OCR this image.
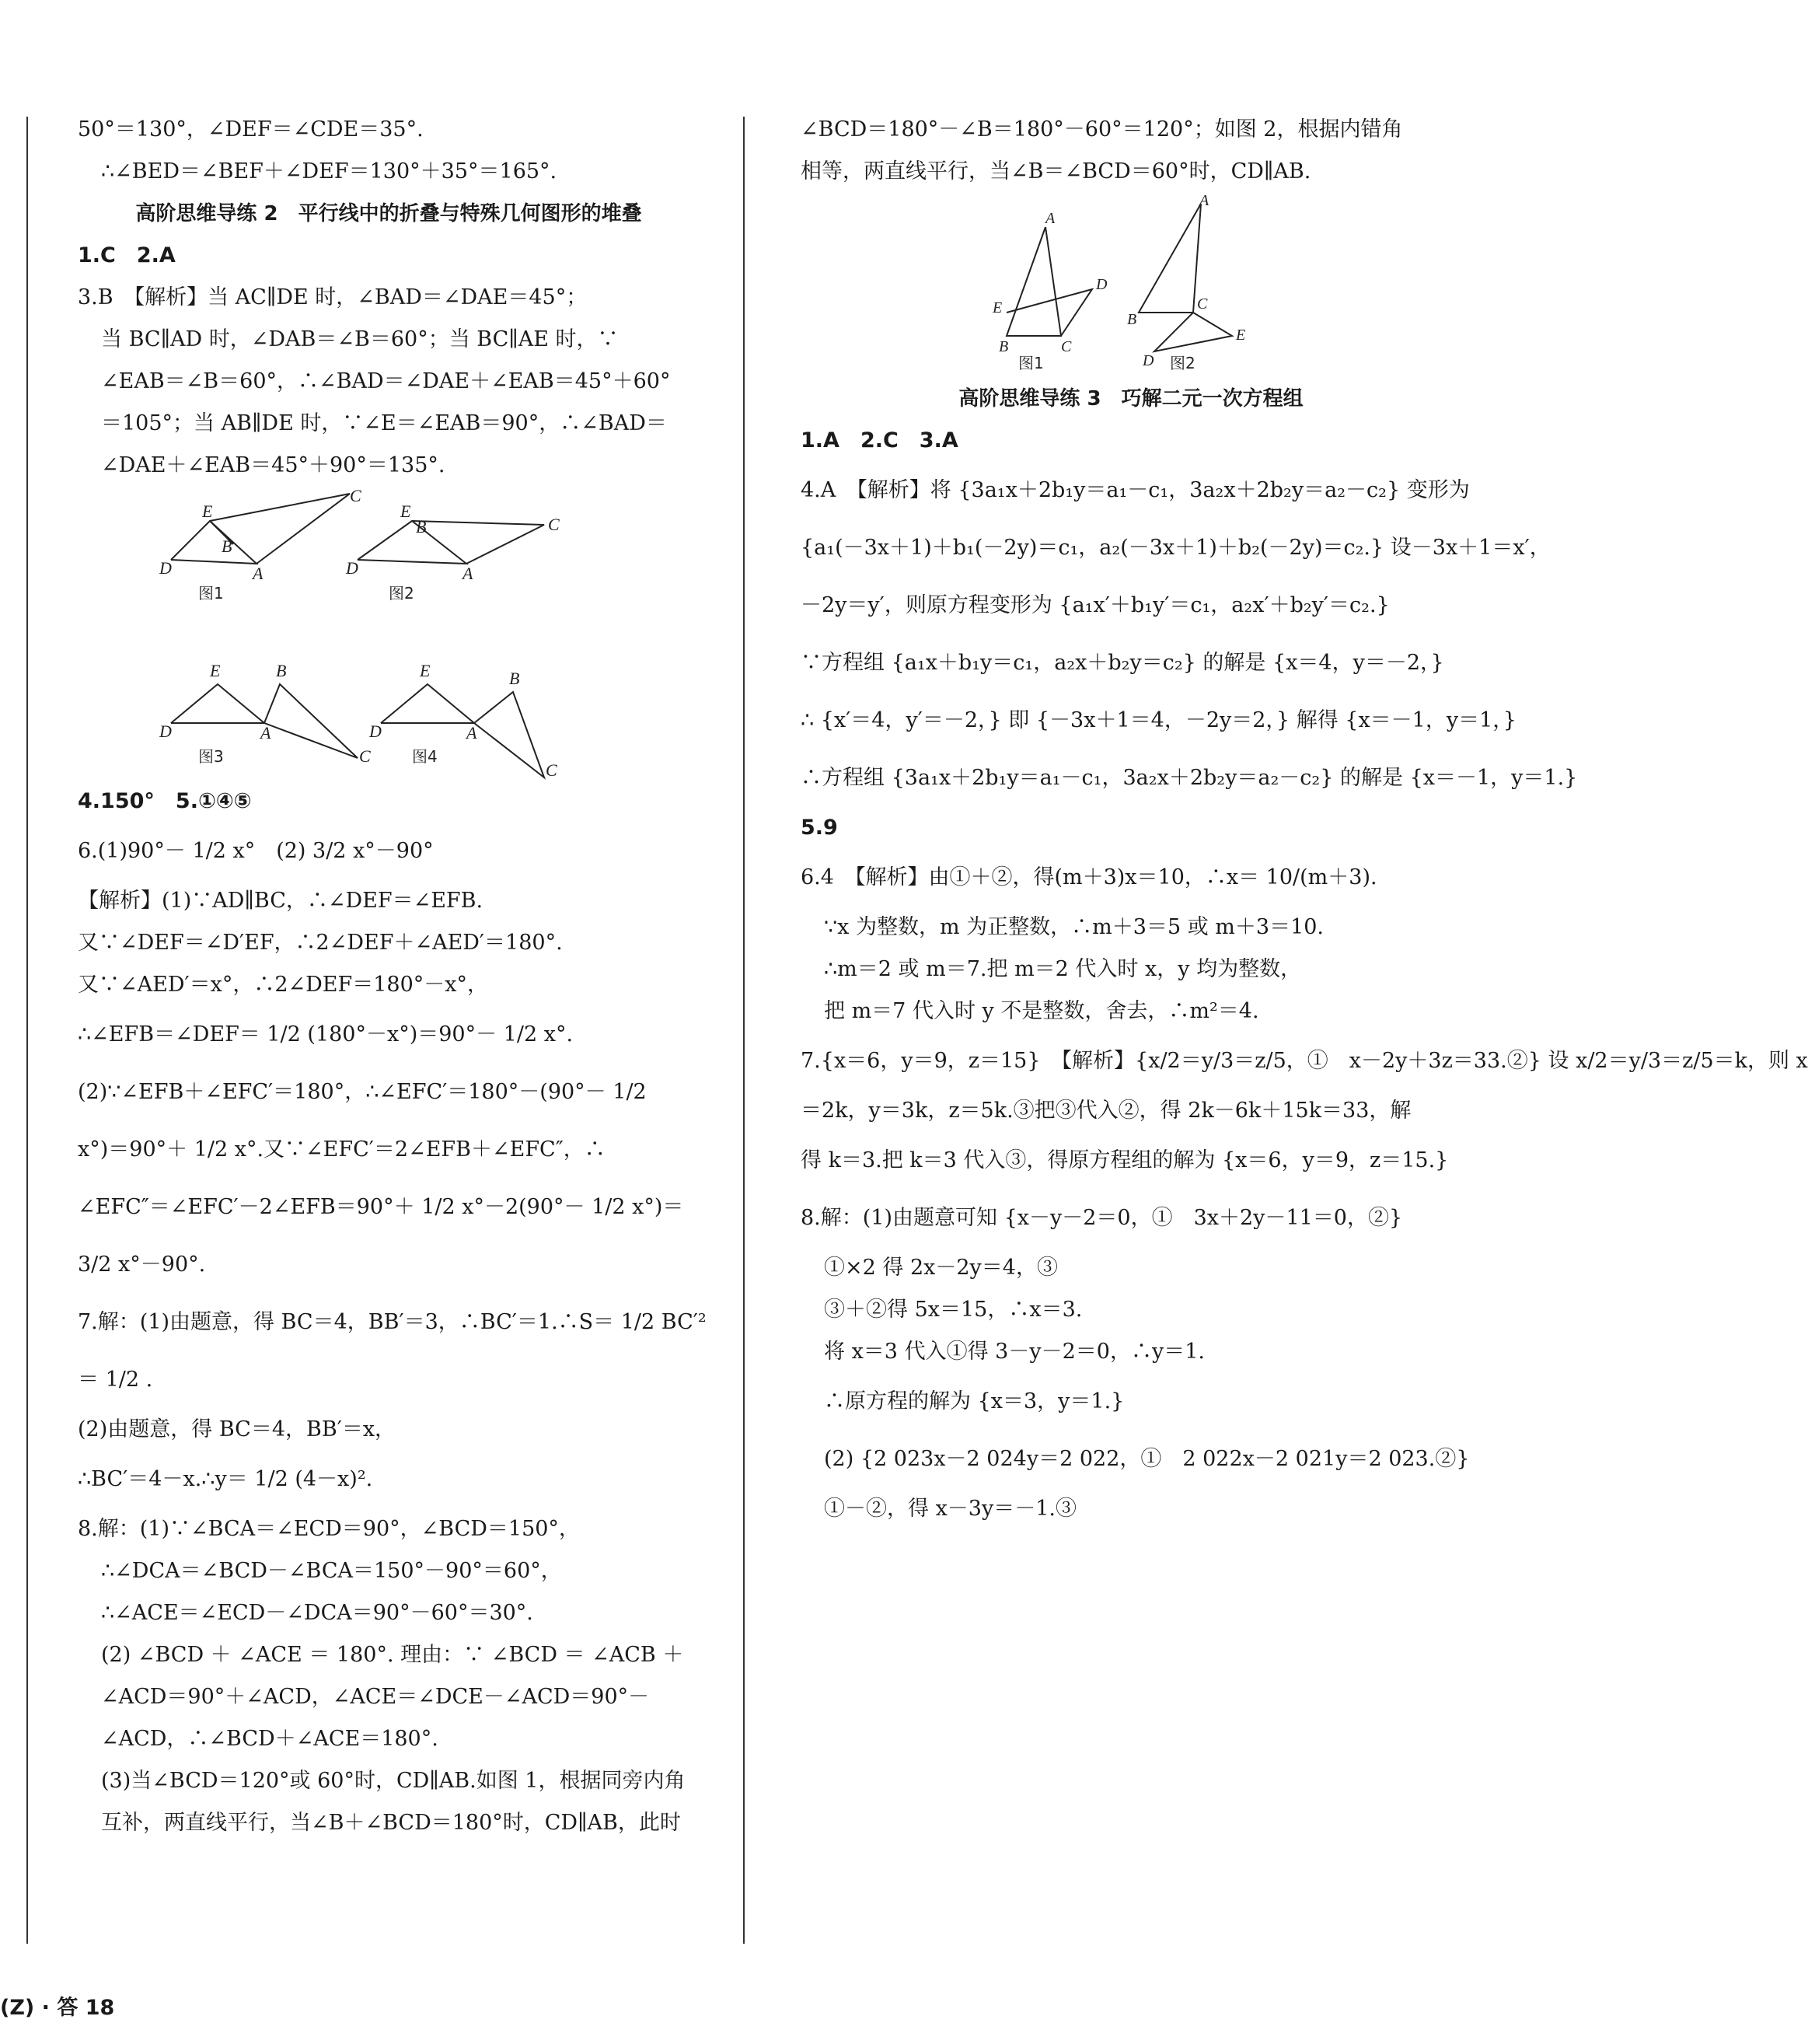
50°＝130°，∠DEF＝∠CDE＝35°.
∴∠BED＝∠BEF＋∠DEF＝130°＋35°＝165°.
高阶思维导练 2　平行线中的折叠与特殊几何图形的堆叠
1.C　2.A
3.B　【解析】当 AC∥DE 时，∠BAD＝∠DAE＝45°；
当 BC∥AD 时，∠DAB＝∠B＝60°；当 BC∥AE 时，∵
∠EAB＝∠B＝60°，∴∠BAD＝∠DAE＋∠EAB＝45°＋60°
＝105°；当 AB∥DE 时，∵∠E＝∠EAB＝90°，∴∠BAD＝
∠DAE＋∠EAB＝45°＋90°＝135°.
E
B
D	A
C
E
B
D	A
C
E	B
D	A
C
E	B
D	A
C
图1	图2
图3	图4
4.150°　5.①④⑤
6.(1)90°－ 1/2 x°　(2) 3/2 x°－90°
【解析】(1)∵AD∥BC，∴∠DEF＝∠EFB.
又∵∠DEF＝∠D′EF，∴2∠DEF＋∠AED′＝180°.
又∵∠AED′＝x°，∴2∠DEF＝180°－x°，
∴∠EFB＝∠DEF＝ 1/2 (180°－x°)＝90°－ 1/2 x°.
(2)∵∠EFB＋∠EFC′＝180°，∴∠EFC′＝180°－(90°－ 1/2
x°)＝90°＋ 1/2 x°.又∵∠EFC′＝2∠EFB＋∠EFC″，∴
∠EFC″＝∠EFC′－2∠EFB＝90°＋ 1/2 x°－2(90°－ 1/2 x°)＝
3/2 x°－90°.
7.解：(1)由题意，得 BC＝4，BB′＝3，∴BC′＝1.∴S＝ 1/2 BC′²
＝ 1/2 .
(2)由题意，得 BC＝4，BB′＝x，
∴BC′＝4－x.∴y＝ 1/2 (4－x)².
8.解：(1)∵∠BCA＝∠ECD＝90°，∠BCD＝150°，
∴∠DCA＝∠BCD－∠BCA＝150°－90°＝60°，
∴∠ACE＝∠ECD－∠DCA＝90°－60°＝30°.
(2) ∠BCD ＋ ∠ACE ＝ 180°. 理由：∵ ∠BCD ＝ ∠ACB ＋
∠ACD＝90°＋∠ACD，∠ACE＝∠DCE－∠ACD＝90°－
∠ACD，∴∠BCD＋∠ACE＝180°.
(3)当∠BCD＝120°或 60°时，CD∥AB.如图 1，根据同旁内角
互补，两直线平行，当∠B＋∠BCD＝180°时，CD∥AB，此时
∠BCD＝180°－∠B＝180°－60°＝120°；如图 2，根据内错角
相等，两直线平行，当∠B＝∠BCD＝60°时，CD∥AB.
A
E
D
B	C
A
B
C
D
E
图1	图2
高阶思维导练 3　巧解二元一次方程组
1.A　2.C　3.A
4.A　【解析】将 {3a₁x＋2b₁y＝a₁－c₁，3a₂x＋2b₂y＝a₂－c₂} 变形为
{a₁(－3x＋1)＋b₁(－2y)＝c₁，a₂(－3x＋1)＋b₂(－2y)＝c₂.} 设－3x＋1＝x′，
－2y＝y′，则原方程变形为 {a₁x′＋b₁y′＝c₁，a₂x′＋b₂y′＝c₂.}
∵方程组 {a₁x＋b₁y＝c₁，a₂x＋b₂y＝c₂} 的解是 {x＝4，y＝－2，}
∴ {x′＝4，y′＝－2，} 即 {－3x＋1＝4，－2y＝2，} 解得 {x＝－1，y＝1，}
∴方程组 {3a₁x＋2b₁y＝a₁－c₁，3a₂x＋2b₂y＝a₂－c₂} 的解是 {x＝－1，y＝1.}
5.9
6.4　【解析】由①＋②，得(m＋3)x＝10，∴x＝ 10/(m＋3).
∵x 为整数，m 为正整数，∴m＋3＝5 或 m＋3＝10.
∴m＝2 或 m＝7.把 m＝2 代入时 x，y 均为整数，
把 m＝7 代入时 y 不是整数，舍去，∴m²＝4.
7.{x＝6，y＝9，z＝15}　【解析】{x/2＝y/3＝z/5，①　x－2y＋3z＝33.②} 设 x/2＝y/3＝z/5＝k，则 x
＝2k，y＝3k，z＝5k.③把③代入②，得 2k－6k＋15k＝33，解
得 k＝3.把 k＝3 代入③，得原方程组的解为 {x＝6，y＝9，z＝15.}
8.解：(1)由题意可知 {x－y－2＝0，①　3x＋2y－11＝0，②}
①×2 得 2x－2y＝4，③
③＋②得 5x＝15，∴x＝3.
将 x＝3 代入①得 3－y－2＝0，∴y＝1.
∴原方程的解为 {x＝3，y＝1.}
(2) {2 023x－2 024y＝2 022，①　2 022x－2 021y＝2 023.②}
①－②，得 x－3y＝－1.③
(Z) · 答 18
